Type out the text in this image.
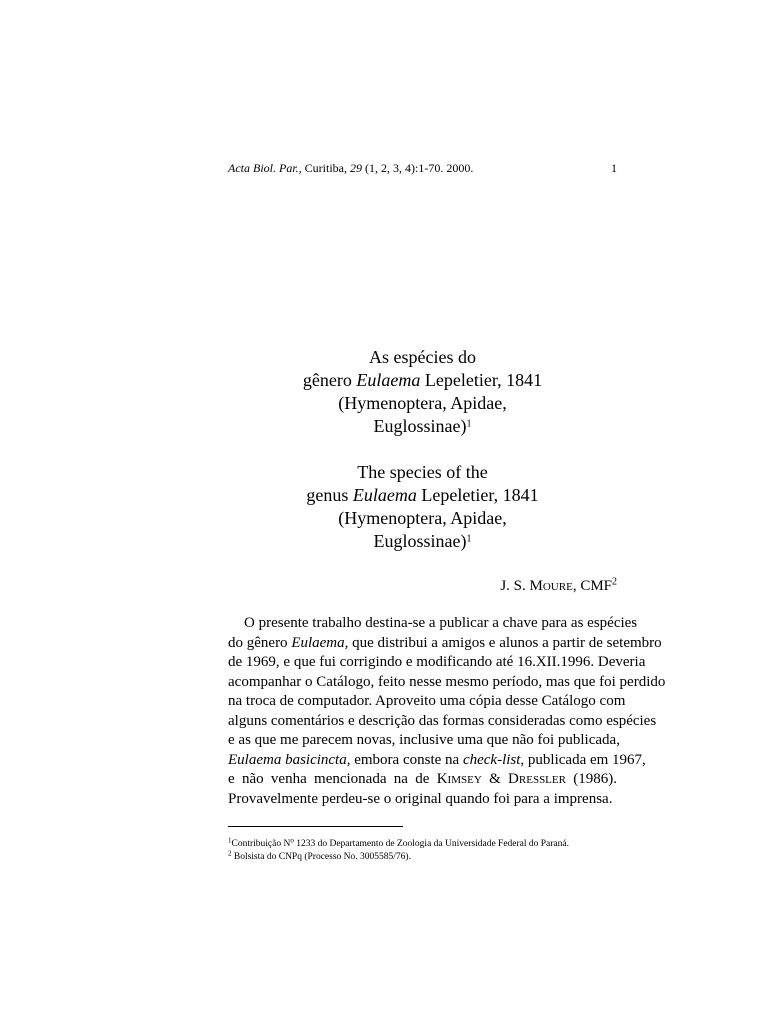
Acta Biol. Par., Curitiba, 29 (1, 2, 3, 4):1-70. 2000.	1
As espécies do
gênero Eulaema Lepeletier, 1841
(Hymenoptera, Apidae,
Euglossinae)$^1$
The species of the
genus Eulaema Lepeletier, 1841
(Hymenoptera, Apidae,
Euglossinae)$^1$
J. S. Moure, CMF$^2$
O presente trabalho destina-se a publicar a chave para as espécies
do gênero Eulaema, que distribui a amigos e alunos a partir de setembro
de 1969, e que fui corrigindo e modificando até 16.XII.1996. Deveria
acompanhar o Catálogo, feito nesse mesmo período, mas que foi perdido
na troca de computador. Aproveito uma cópia desse Catálogo com
alguns comentários e descrição das formas consideradas como espécies
e as que me parecem novas, inclusive uma que não foi publicada,
Eulaema basicincta, embora conste na check-list, publicada em 1967,
e não venha mencionada na de Kimsey & Dressler (1986).
Provavelmente perdeu-se o original quando foi para a imprensa.
$^1$Contribuição $N^o$ 1233 do Departamento de Zoologia da Universidade Federal do Paraná.
$^2$ Bolsista do CNPq (Processo No. 3005585/76).
